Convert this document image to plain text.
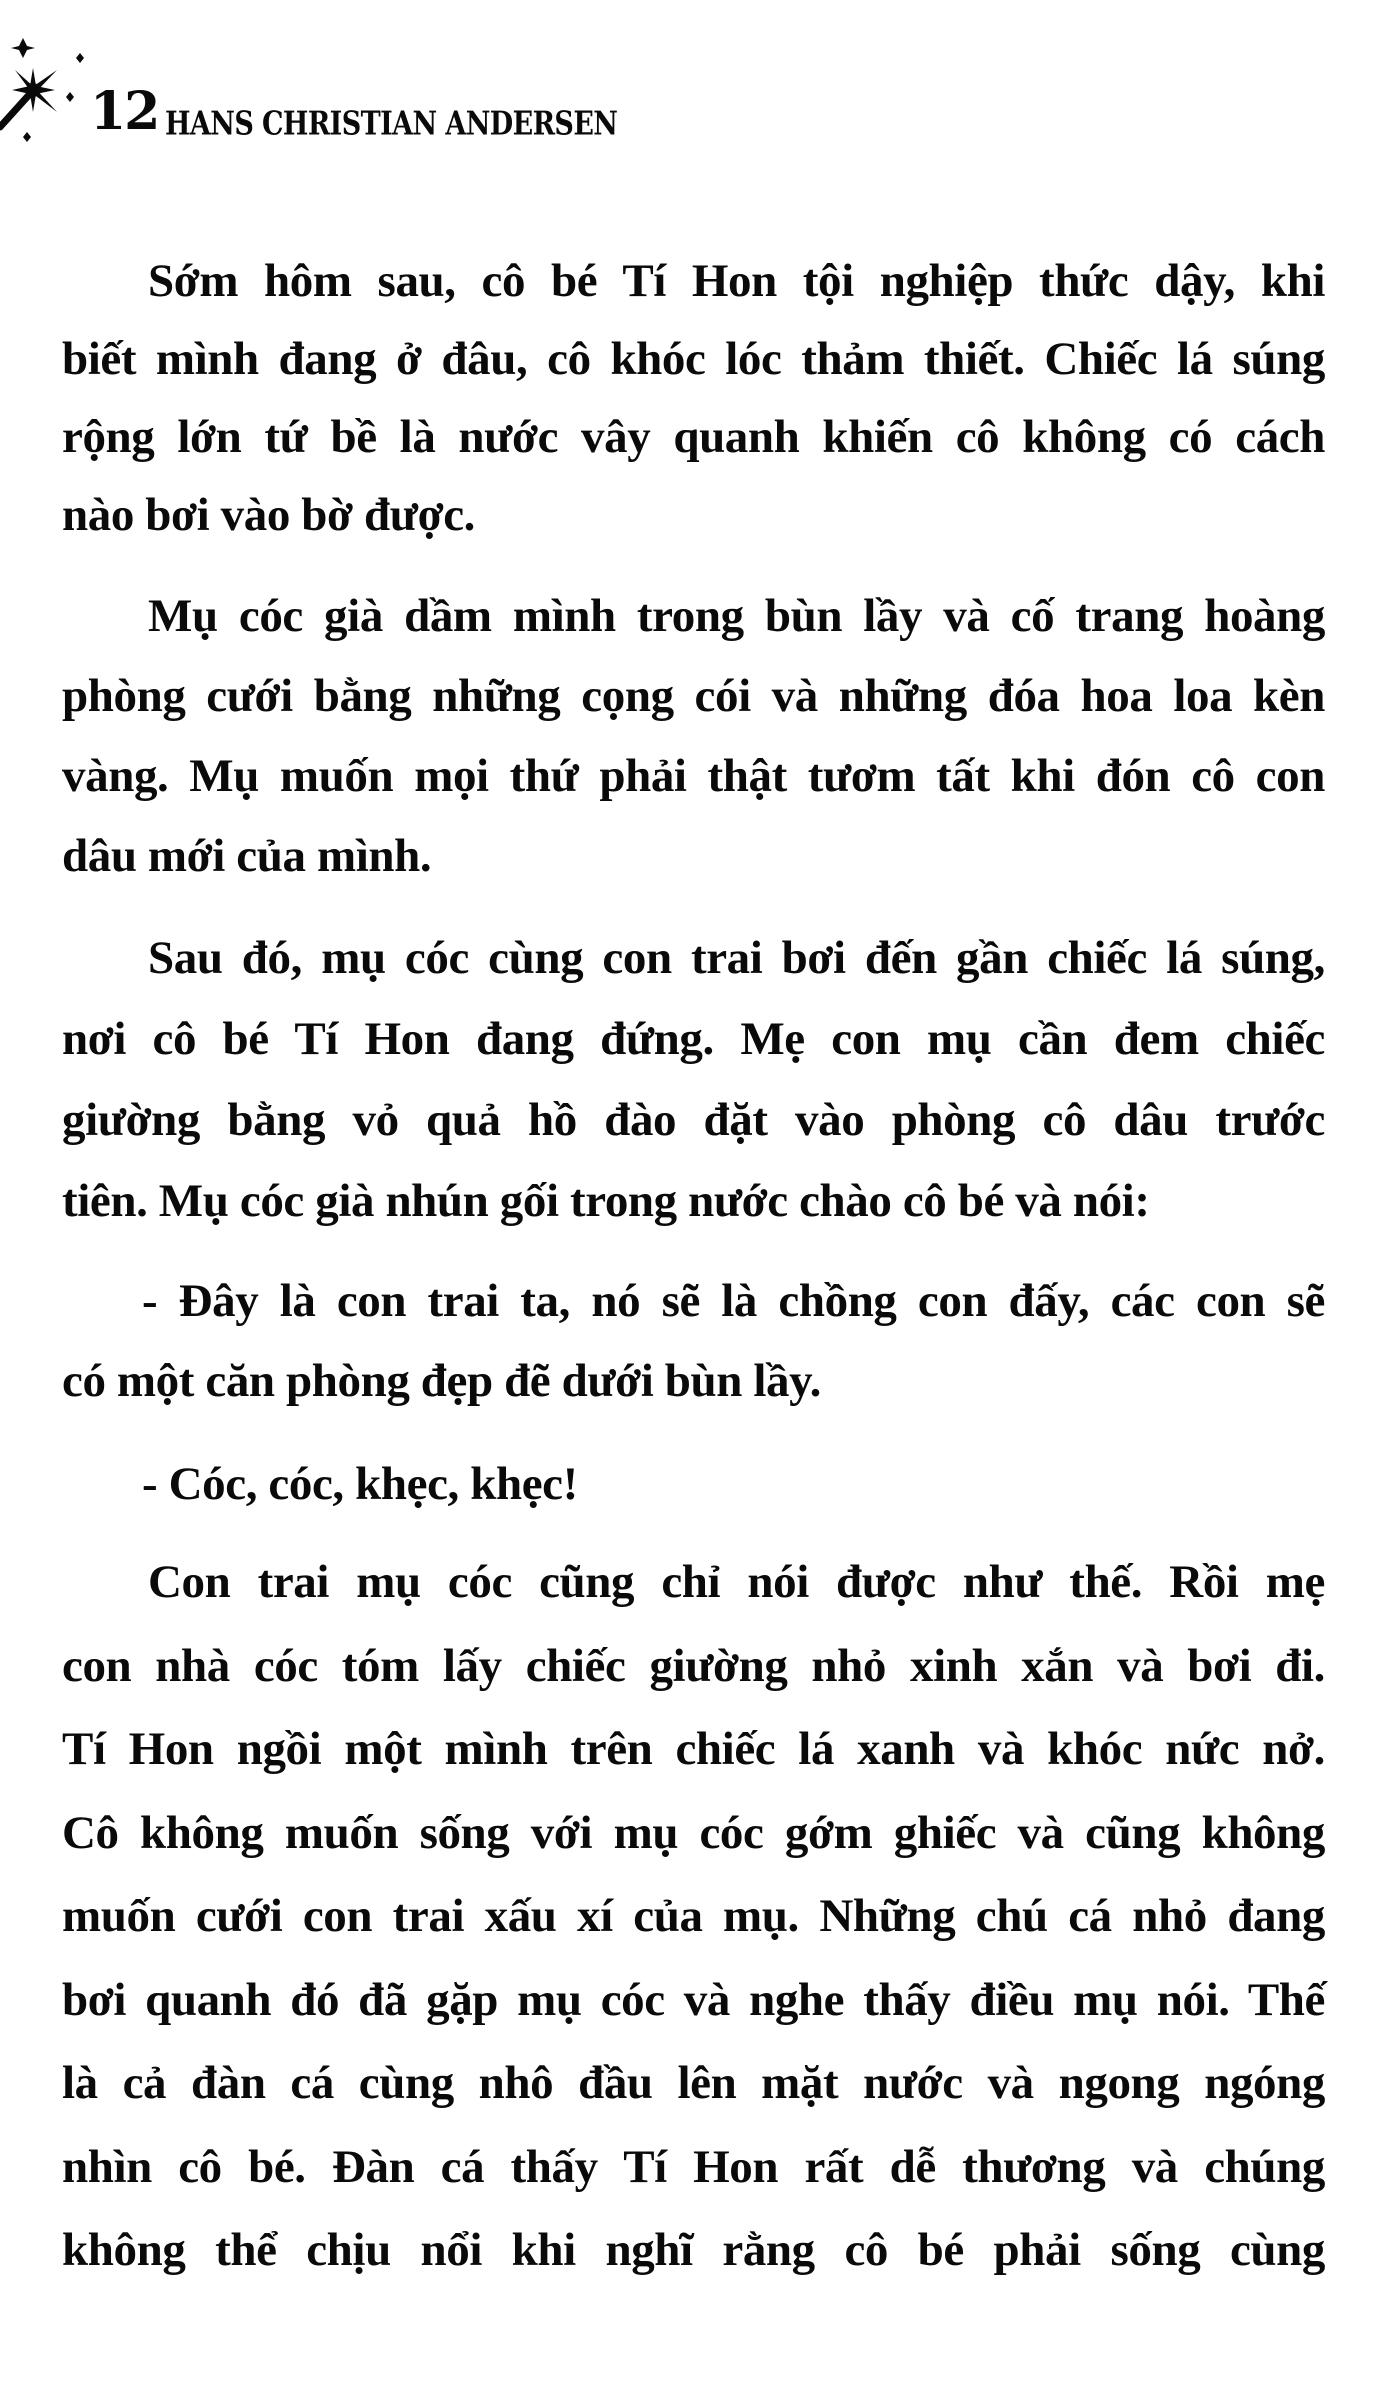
12 HANS CHRISTIAN ANDERSEN
Sớm hôm sau, cô bé Tí Hon tội nghiệp thức dậy, khi
biết mình đang ở đâu, cô khóc lóc thảm thiết. Chiếc lá súng
rộng lớn tứ bề là nước vây quanh khiến cô không có cách
nào bơi vào bờ được.
Mụ cóc già dầm mình trong bùn lầy và cố trang hoàng
phòng cưới bằng những cọng cói và những đóa hoa loa kèn
vàng. Mụ muốn mọi thứ phải thật tươm tất khi đón cô con
dâu mới của mình.
Sau đó, mụ cóc cùng con trai bơi đến gần chiếc lá súng,
nơi cô bé Tí Hon đang đứng. Mẹ con mụ cần đem chiếc
giường bằng vỏ quả hồ đào đặt vào phòng cô dâu trước
tiên. Mụ cóc già nhún gối trong nước chào cô bé và nói:
- Đây là con trai ta, nó sẽ là chồng con đấy, các con sẽ
có một căn phòng đẹp đẽ dưới bùn lầy.
- Cóc, cóc, khẹc, khẹc!
Con trai mụ cóc cũng chỉ nói được như thế. Rồi mẹ
con nhà cóc tóm lấy chiếc giường nhỏ xinh xắn và bơi đi.
Tí Hon ngồi một mình trên chiếc lá xanh và khóc nức nở.
Cô không muốn sống với mụ cóc gớm ghiếc và cũng không
muốn cưới con trai xấu xí của mụ. Những chú cá nhỏ đang
bơi quanh đó đã gặp mụ cóc và nghe thấy điều mụ nói. Thế
là cả đàn cá cùng nhô đầu lên mặt nước và ngong ngóng
nhìn cô bé. Đàn cá thấy Tí Hon rất dễ thương và chúng
không thể chịu nổi khi nghĩ rằng cô bé phải sống cùng
